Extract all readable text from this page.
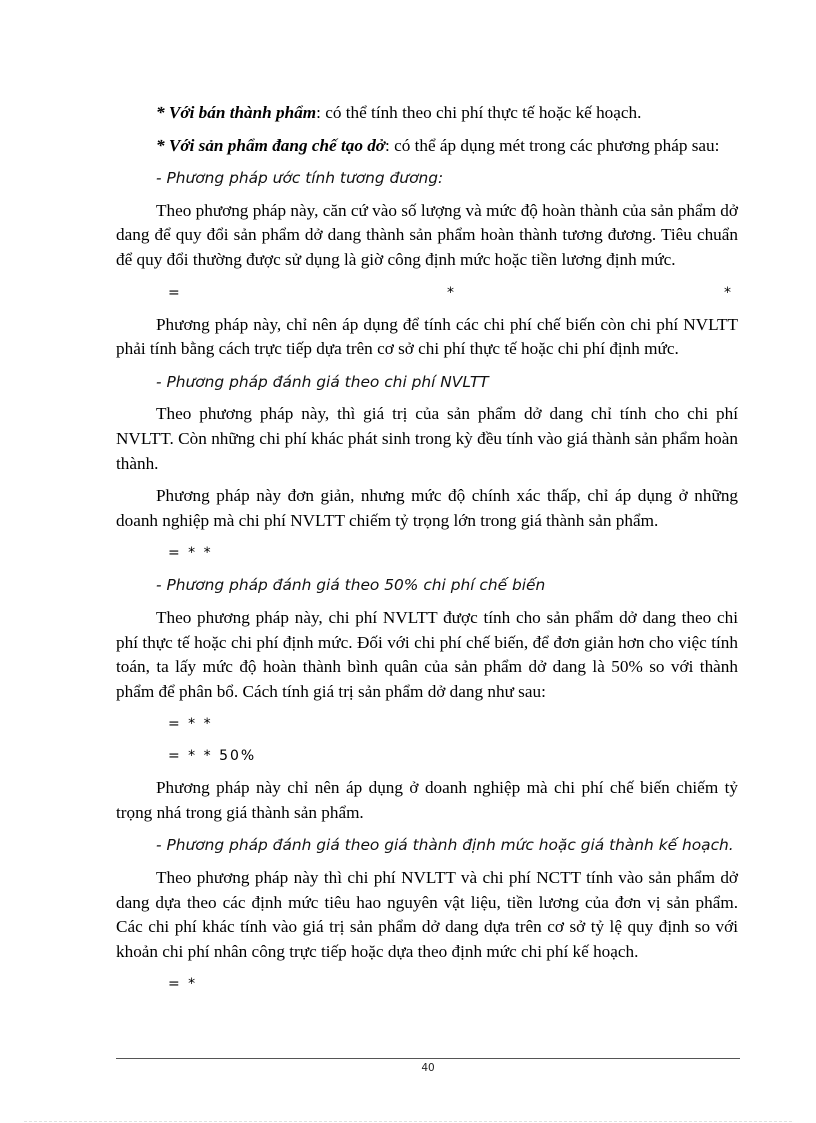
* Với bán thành phẩm: có thể tính theo chi phí thực tế hoặc kế hoạch.

* Với sản phẩm đang chế tạo dở: có thể áp dụng mét trong các phương pháp sau:

- Phương pháp ước tính tương đương:

Theo phương pháp này, căn cứ vào số lượng và mức độ hoàn thành của sản phẩm dở dang để quy đổi sản phẩm dở dang thành sản phẩm hoàn thành tương đương. Tiêu chuẩn để quy đổi thường được sử dụng là giờ công định mức hoặc tiền lương định mức.

=	*	*

Phương pháp này, chỉ nên áp dụng để tính các chi phí chế biến còn chi phí NVLTT phải tính bằng cách trực tiếp dựa trên cơ sở chi phí thực tế hoặc chi phí định mức.

- Phương pháp đánh giá theo chi phí NVLTT

Theo phương pháp này, thì giá trị của sản phẩm dở dang chỉ tính cho chi phí NVLTT. Còn những chi phí khác phát sinh trong kỳ đều tính vào giá thành sản phẩm hoàn thành.

Phương pháp này đơn giản, nhưng mức độ chính xác thấp, chỉ áp dụng ở những doanh nghiệp mà chi phí NVLTT chiếm tỷ trọng lớn trong giá thành sản phẩm.

= * *

- Phương pháp đánh giá theo 50% chi phí chế biến

Theo phương pháp này, chi phí NVLTT được tính cho sản phẩm dở dang theo chi phí thực tế hoặc chi phí định mức. Đối với chi phí chế biến, để đơn giản hơn cho việc tính toán, ta lấy mức độ hoàn thành bình quân của sản phẩm dở dang là 50% so với thành phẩm để phân bổ. Cách tính giá trị sản phẩm dở dang như sau:

= * *
= * * 50%

Phương pháp này chỉ nên áp dụng ở doanh nghiệp mà chi phí chế biến chiếm tỷ trọng nhá trong giá thành sản phẩm.

- Phương pháp đánh giá theo giá thành định mức hoặc giá thành kế hoạch.

Theo phương pháp này thì chi phí NVLTT và chi phí NCTT tính vào sản phẩm dở dang dựa theo các định mức tiêu hao nguyên vật liệu, tiền lương của đơn vị sản phẩm. Các chi phí khác tính vào giá trị sản phẩm dở dang dựa trên cơ sở tỷ lệ quy định so với khoản chi phí nhân công trực tiếp hoặc dựa theo định mức chi phí kế hoạch.

= *
40
